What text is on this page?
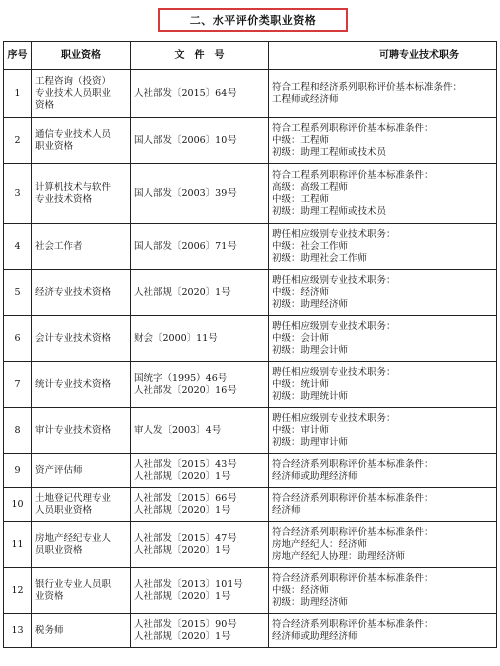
二、水平评价类职业资格
序号	职业资格	文　件　号	可聘专业技术职务
1	工程咨询（投资）
专业技术人员职业
资格	人社部发〔2015〕64号	符合工程和经济系列职称评价基本标准条件：
工程师或经济师

2	通信专业技术人员
职业资格	国人部发〔2006〕10号	符合工程系列职称评价基本标准条件：
中级：工程师
初级：助理工程师或技术员

3	计算机技术与软件
专业技术资格	国人部发〔2003〕39号	符合工程系列职称评价基本标准条件：
高级：高级工程师
中级：工程师
初级：助理工程师或技术员

4	社会工作者	国人部发〔2006〕71号	聘任相应级别专业技术职务：
中级：社会工作师
初级：助理社会工作师

5	经济专业技术资格	人社部规〔2020〕1号	聘任相应级别专业技术职务：
中级：经济师
初级：助理经济师

6	会计专业技术资格	财会〔2000〕11号	聘任相应级别专业技术职务：
中级：会计师
初级：助理会计师

7	统计专业技术资格	国统字（1995）46号
人社部发〔2020〕16号	聘任相应级别专业技术职务：
中级：统计师
初级：助理统计师

8	审计专业技术资格	审人发〔2003〕4号	聘任相应级别专业技术职务：
中级：审计师
初级：助理审计师

9	资产评估师	人社部发〔2015〕43号
人社部规〔2020〕1号	符合经济系列职称评价基本标准条件：
经济师或助理经济师

10	土地登记代理专业
人员职业资格	人社部发〔2015〕66号
人社部规〔2020〕1号	符合经济系列职称评价基本标准条件：
经济师

11	房地产经纪专业人
员职业资格	人社部发〔2015〕47号
人社部规〔2020〕1号	符合经济系列职称评价基本标准条件：
房地产经纪人：经济师
房地产经纪人协理：助理经济师

12	银行业专业人员职
业资格	人社部发〔2013〕101号
人社部规〔2020〕1号	符合经济系列职称评价基本标准条件：
中级：经济师
初级：助理经济师

13	税务师	人社部发〔2015〕90号
人社部规〔2020〕1号	符合经济系列职称评价基本标准条件：
经济师或助理经济师
